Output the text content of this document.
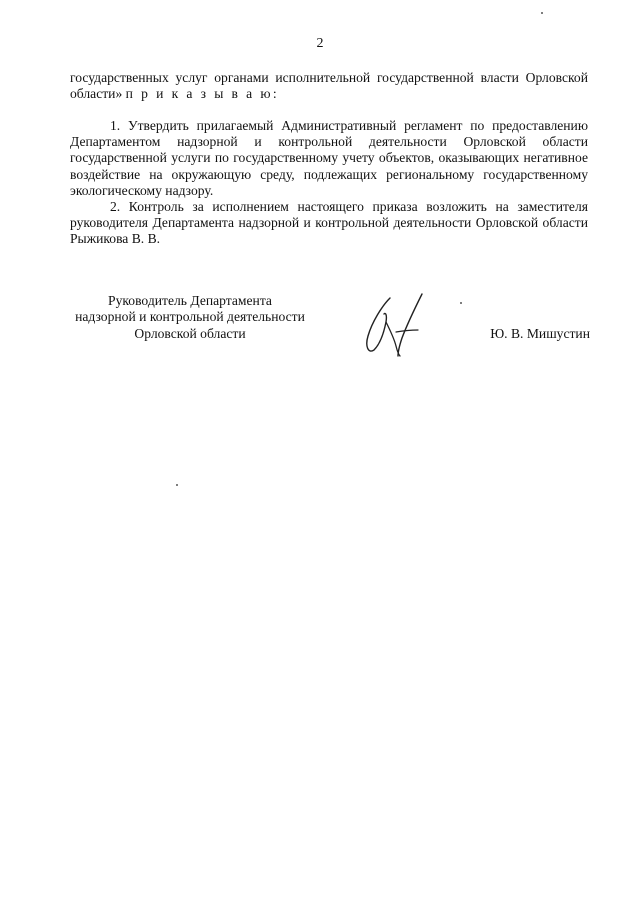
2

государственных услуг органами исполнительной государственной власти Орловской области» п р и к а з ы в а ю:

1. Утвердить прилагаемый Административный регламент по предоставлению Департаментом надзорной и контрольной деятельности Орловской области государственной услуги по государственному учету объектов, оказывающих негативное воздействие на окружающую среду, подлежащих региональному государственному экологическому надзору.

2. Контроль за исполнением настоящего приказа возложить на заместителя руководителя Департамента надзорной и контрольной деятельности Орловской области Рыжикова В. В.

Руководитель Департамента
надзорной и контрольной деятельности
Орловской области	Ю. В. Мишустин
